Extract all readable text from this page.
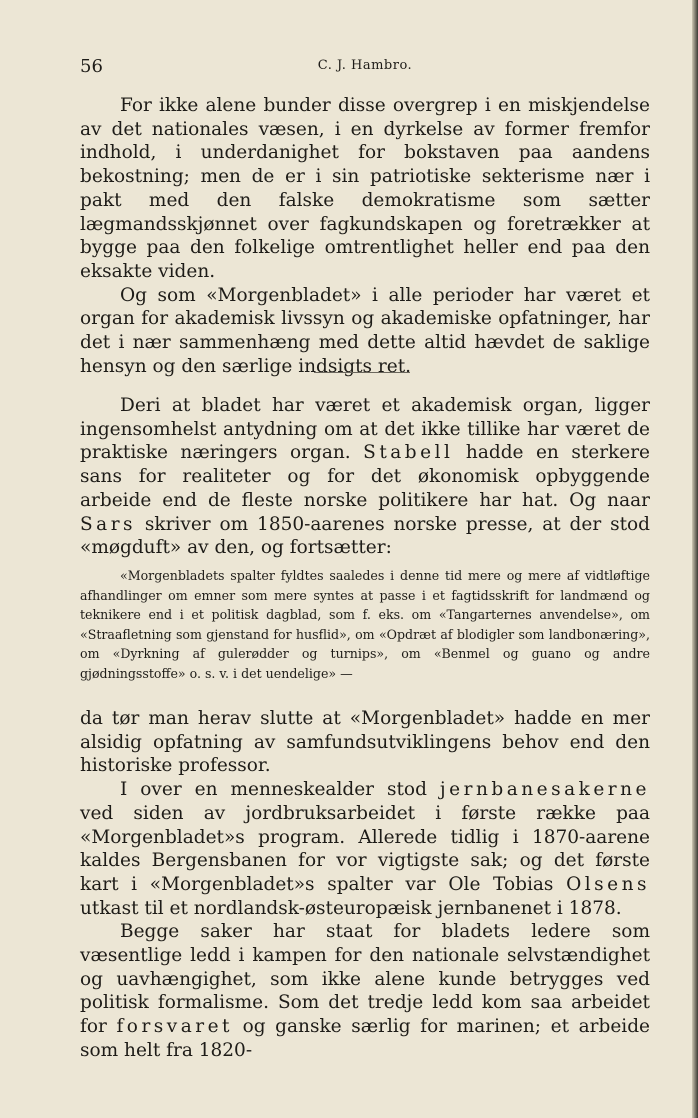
56	C. J. Hambro.

For ikke alene bunder disse overgrep i en miskjendelse av det nationales væsen, i en dyrkelse av former fremfor indhold, i underdanighet for bokstaven paa aandens bekostning; men de er i sin patriotiske sekterisme nær i pakt med den falske demokratisme som sætter lægmandsskjønnet over fagkundskapen og foretrækker at bygge paa den folkelige omtrentlighet heller end paa den eksakte viden.

Og som «Morgenbladet» i alle perioder har været et organ for akademisk livssyn og akademiske opfatninger, har det i nær sammenhæng med dette altid hævdet de saklige hensyn og den særlige indsigts ret.

Deri at bladet har været et akademisk organ, ligger ingensomhelst antydning om at det ikke tillike har været de praktiske næringers organ. Stabell hadde en sterkere sans for realiteter og for det økonomisk opbyggende arbeide end de fleste norske politikere har hat. Og naar Sars skriver om 1850-aarenes norske presse, at der stod «møgduft» av den, og fortsætter:

«Morgenbladets spalter fyldtes saaledes i denne tid mere og mere af vidtløftige afhandlinger om emner som mere syntes at passe i et fagtidsskrift for landmænd og teknikere end i et politisk dagblad, som f. eks. om «Tangarternes anvendelse», om «Straafletning som gjenstand for husflid», om «Opdræt af blodigler som landbonæring», om «Dyrkning af gulerødder og turnips», om «Benmel og guano og andre gjødningsstoffe» o. s. v. i det uendelige» —

da tør man herav slutte at «Morgenbladet» hadde en mer alsidig opfatning av samfundsutviklingens behov end den historiske professor.

I over en menneskealder stod jernbanesakerne ved siden av jordbruksarbeidet i første række paa «Morgenbladet»s program. Allerede tidlig i 1870-aarene kaldes Bergensbanen for vor vigtigste sak; og det første kart i «Morgenbladet»s spalter var Ole Tobias Olsens utkast til et nordlandsk-østeuropæisk jernbanenet i 1878.

Begge saker har staat for bladets ledere som væsentlige ledd i kampen for den nationale selvstændighet og uavhængighet, som ikke alene kunde betrygges ved politisk formalisme. Som det tredje ledd kom saa arbeidet for forsvaret og ganske særlig for marinen; et arbeide som helt fra 1820-
